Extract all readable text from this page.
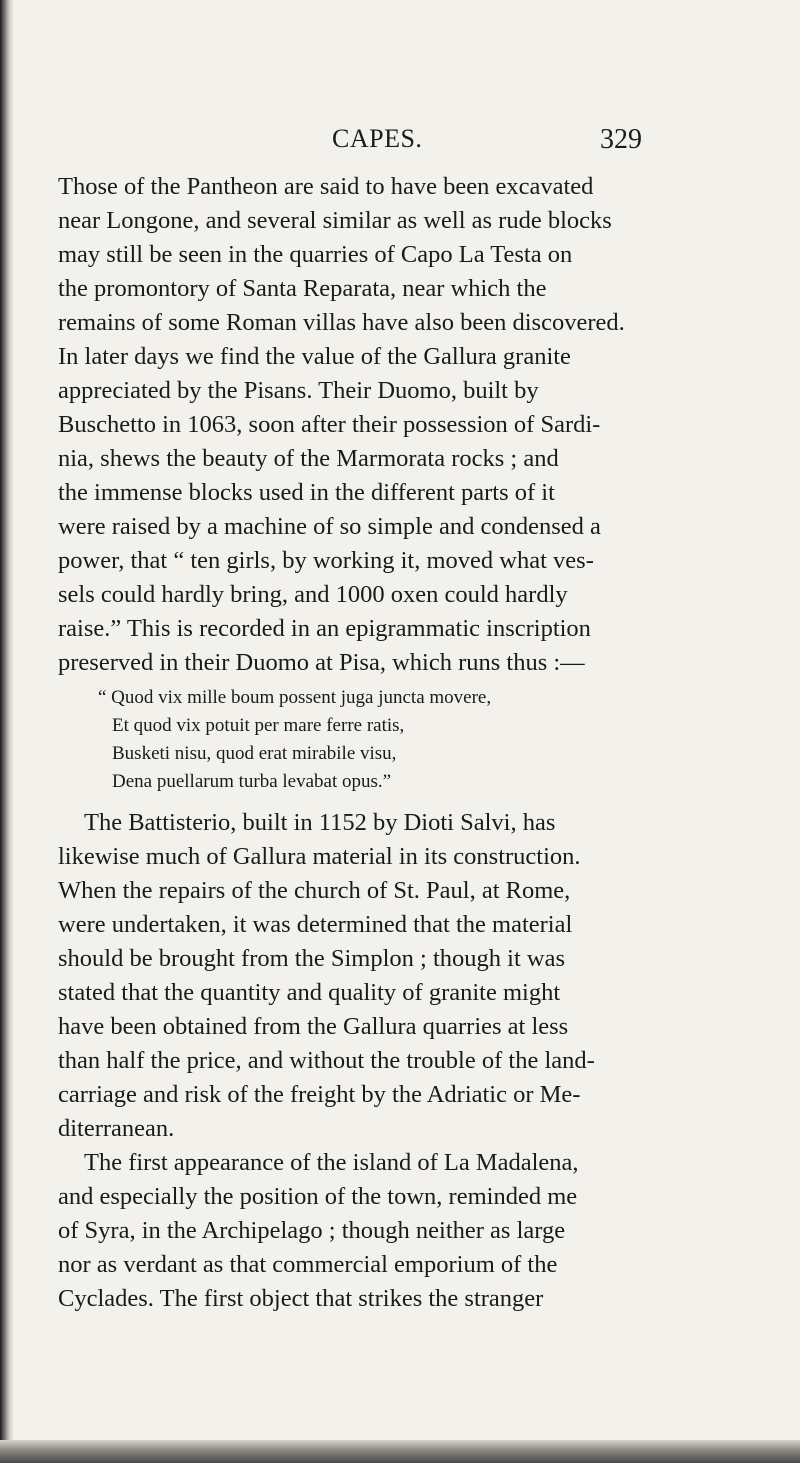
CAPES.	329
Those of the Pantheon are said to have been excavated
near Longone, and several similar as well as rude blocks
may still be seen in the quarries of Capo La Testa on
the promontory of Santa Reparata, near which the
remains of some Roman villas have also been discovered.
In later days we find the value of the Gallura granite
appreciated by the Pisans. Their Duomo, built by
Buschetto in 1063, soon after their possession of Sardi-
nia, shews the beauty of the Marmorata rocks ; and
the immense blocks used in the different parts of it
were raised by a machine of so simple and condensed a
power, that “ ten girls, by working it, moved what ves-
sels could hardly bring, and 1000 oxen could hardly
raise.” This is recorded in an epigrammatic inscription
preserved in their Duomo at Pisa, which runs thus :—
“ Quod vix mille boum possent juga juncta movere,
Et quod vix potuit per mare ferre ratis,
Busketi nisu, quod erat mirabile visu,
Dena puellarum turba levabat opus.”
The Battisterio, built in 1152 by Dioti Salvi, has
likewise much of Gallura material in its construction.
When the repairs of the church of St. Paul, at Rome,
were undertaken, it was determined that the material
should be brought from the Simplon ; though it was
stated that the quantity and quality of granite might
have been obtained from the Gallura quarries at less
than half the price, and without the trouble of the land-
carriage and risk of the freight by the Adriatic or Me-
diterranean.
The first appearance of the island of La Madalena,
and especially the position of the town, reminded me
of Syra, in the Archipelago ; though neither as large
nor as verdant as that commercial emporium of the
Cyclades. The first object that strikes the stranger
